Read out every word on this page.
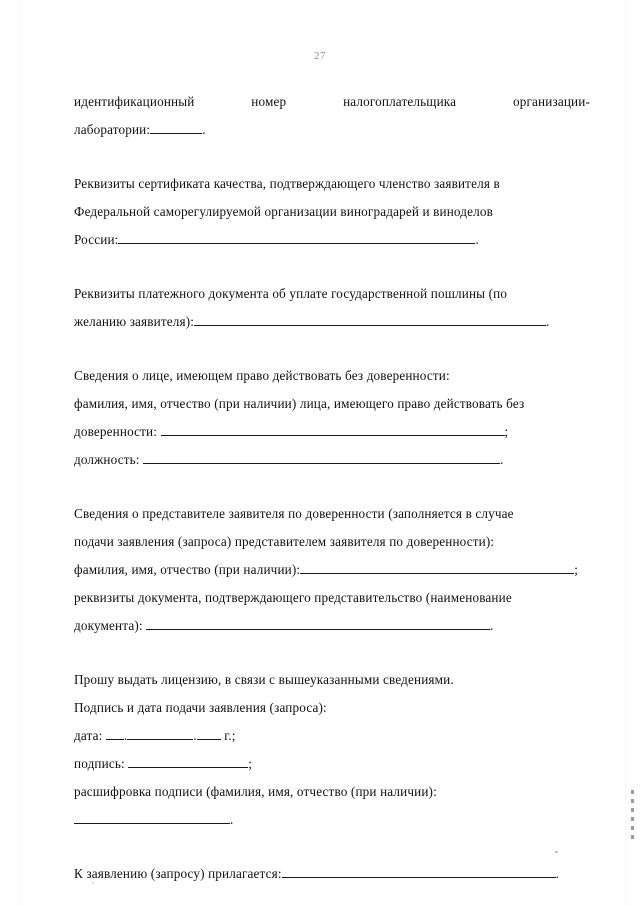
27
идентификационный	номер	налогоплательщика	организации-
лаборатории:	.
Реквизиты сертификата качества, подтверждающего членство заявителя в
Федеральной саморегулируемой организации виноградарей и виноделов
России:	.
Реквизиты платежного документа об уплате государственной пошлины (по
желанию заявителя):	.
Сведения о лице, имеющем право действовать без доверенности:
фамилия, имя, отчество (при наличии) лица, имеющего право действовать без
доверенности:	;
должность:	.
Сведения о представителе заявителя по доверенности (заполняется в случае
подачи заявления (запроса) представителем заявителя по доверенности):
фамилия, имя, отчество (при наличии):	;
реквизиты документа, подтверждающего представительство (наименование
документа):	.
Прошу выдать лицензию, в связи с вышеуказанными сведениями.
Подпись и дата подачи заявления (запроса):
дата: .	. г.;
подпись:	;
расшифровка подписи (фамилия, имя, отчество (при наличии): .
К заявлению (запросу) прилагается:	.
